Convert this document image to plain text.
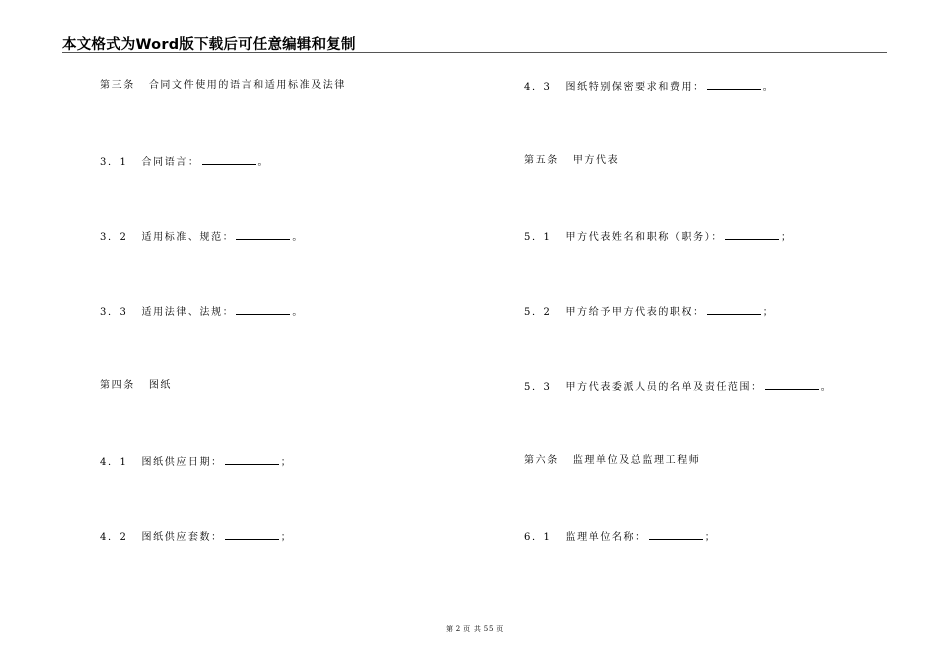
本文格式为Word版下载后可任意编辑和复制
第三条 合同文件使用的语言和适用标准及法律
3．1 合同语言：	。
3．2 适用标准、规范：	。
3．3 适用法律、法规：	。
第四条 图纸
4．1 图纸供应日期：	；
4．2 图纸供应套数：	；
4．3 图纸特别保密要求和费用：	。
第五条 甲方代表
5．1 甲方代表姓名和职称（职务）：	；
5．2 甲方给予甲方代表的职权：	；
5．3 甲方代表委派人员的名单及责任范围：	。
第六条 监理单位及总监理工程师
6．1 监理单位名称：	；
第 2 页 共 55 页
